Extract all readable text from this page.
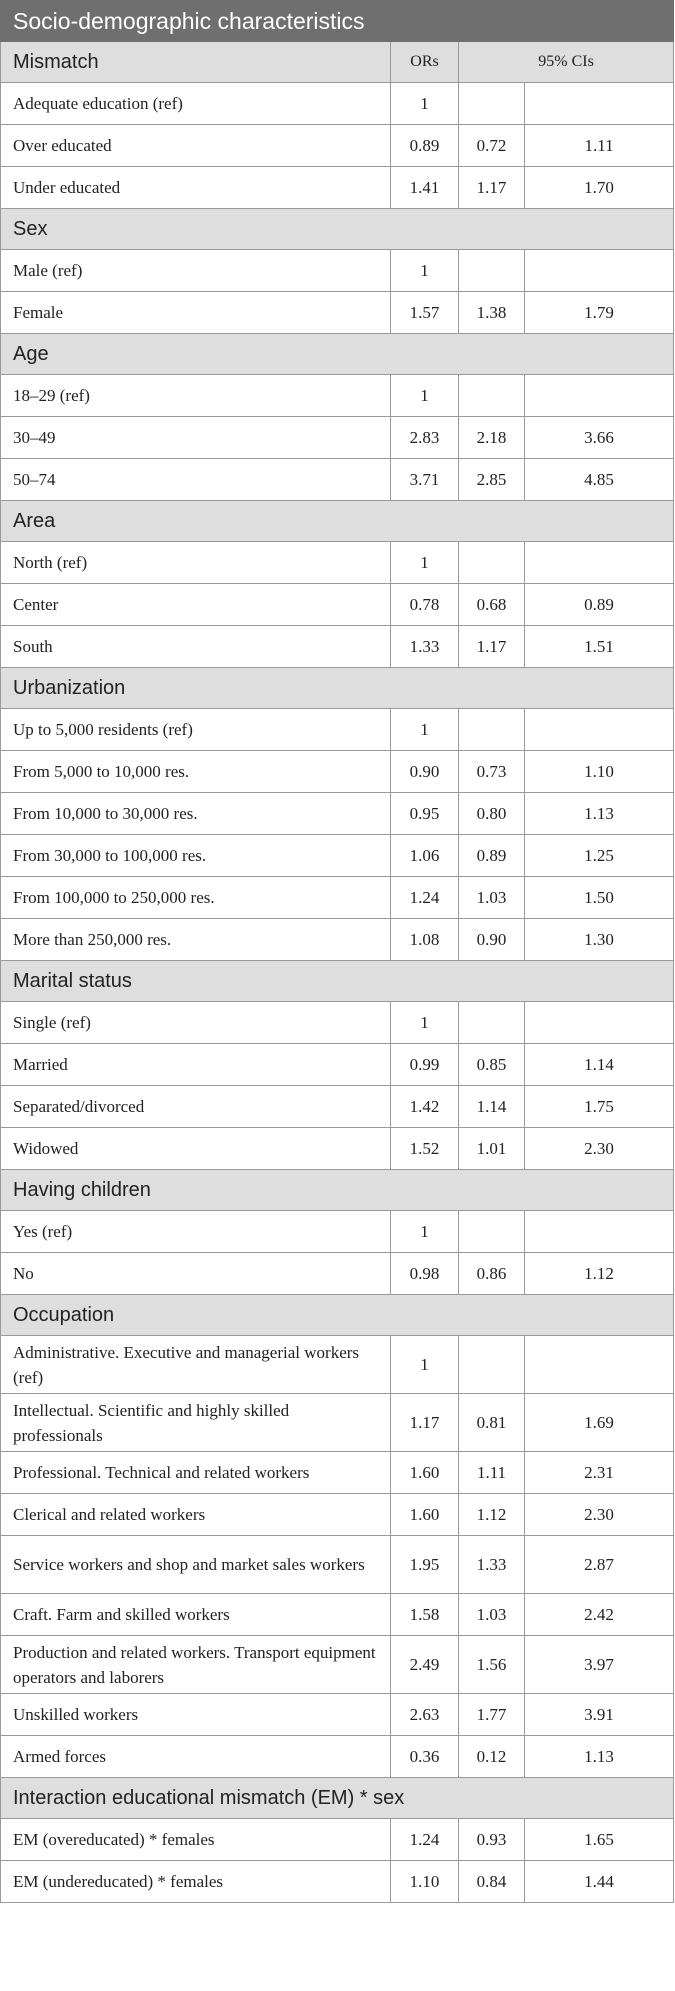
Socio-demographic characteristics			
Mismatch	ORs	95% CIs	
Adequate education (ref)	1		
Over educated	0.89	0.72	1.11
Under educated	1.41	1.17	1.70
Sex			
Male (ref)	1		
Female	1.57	1.38	1.79
Age			
18–29 (ref)	1		
30–49	2.83	2.18	3.66
50–74	3.71	2.85	4.85
Area			
North (ref)	1		
Center	0.78	0.68	0.89
South	1.33	1.17	1.51
Urbanization			
Up to 5,000 residents (ref)	1		
From 5,000 to 10,000 res.	0.90	0.73	1.10
From 10,000 to 30,000 res.	0.95	0.80	1.13
From 30,000 to 100,000 res.	1.06	0.89	1.25
From 100,000 to 250,000 res.	1.24	1.03	1.50
More than 250,000 res.	1.08	0.90	1.30
Marital status			
Single (ref)	1		
Married	0.99	0.85	1.14
Separated/divorced	1.42	1.14	1.75
Widowed	1.52	1.01	2.30
Having children			
Yes (ref)	1		
No	0.98	0.86	1.12
Occupation			
Administrative. Executive and managerial workers (ref)	1		
Intellectual. Scientific and highly skilled professionals	1.17	0.81	1.69
Professional. Technical and related workers	1.60	1.11	2.31
Clerical and related workers	1.60	1.12	2.30
Service workers and shop and market sales workers	1.95	1.33	2.87
Craft. Farm and skilled workers	1.58	1.03	2.42
Production and related workers. Transport equipment operators and laborers	2.49	1.56	3.97
Unskilled workers	2.63	1.77	3.91
Armed forces	0.36	0.12	1.13
Interaction educational mismatch (EM) * sex			
EM (overeducated) * females	1.24	0.93	1.65
EM (undereducated) * females	1.10	0.84	1.44
